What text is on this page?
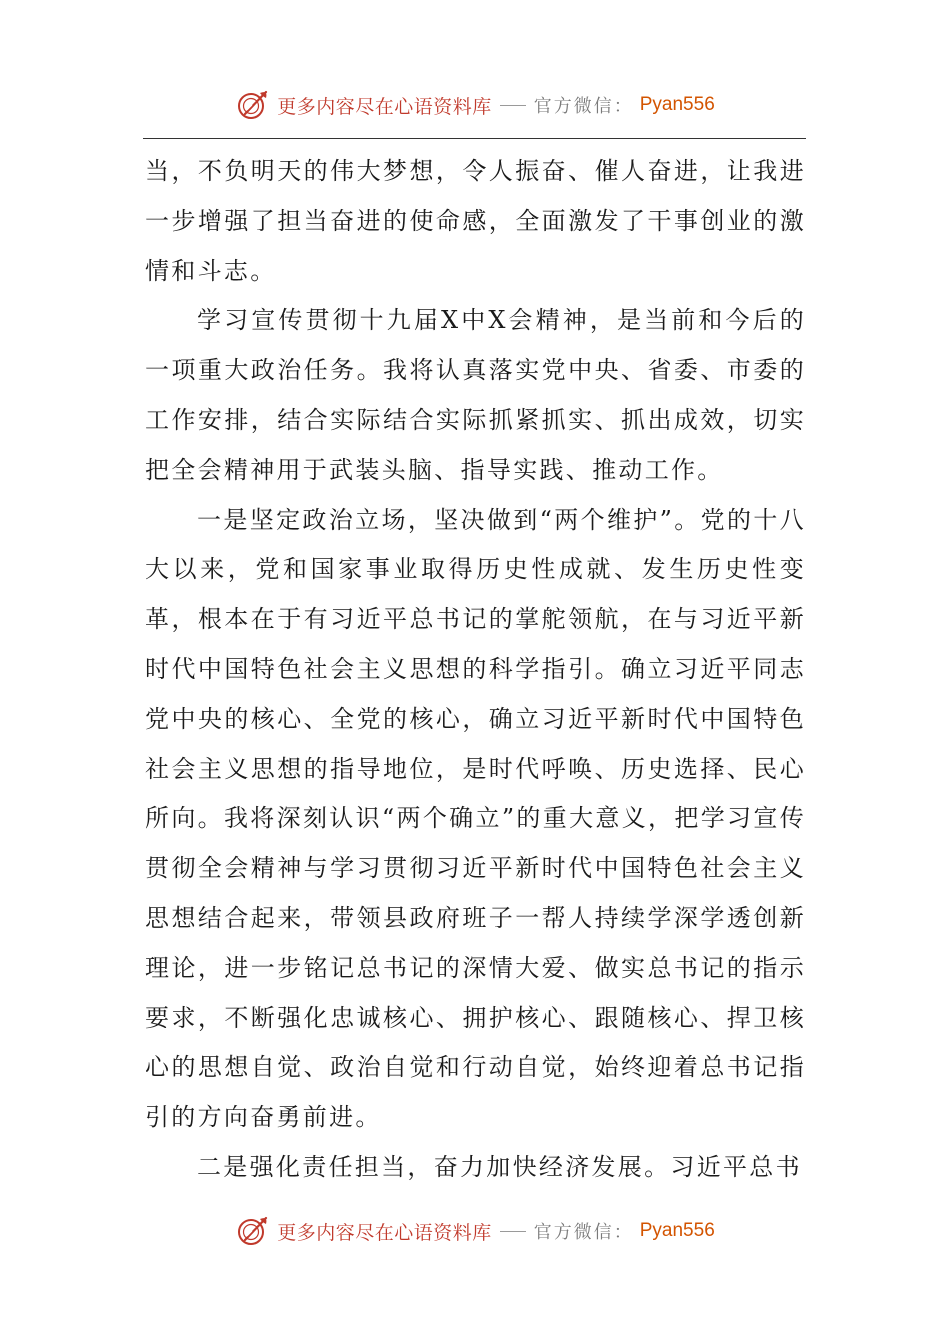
更多内容尽在心语资料库 官方微信： Pyan556

当，不负明天的伟大梦想，令人振奋、催人奋进，让我进一步增强了担当奋进的使命感，全面激发了干事创业的激情和斗志。

学习宣传贯彻十九届X中X会精神，是当前和今后的一项重大政治任务。我将认真落实党中央、省委、市委的工作安排，结合实际结合实际抓紧抓实、抓出成效，切实把全会精神用于武装头脑、指导实践、推动工作。

一是坚定政治立场，坚决做到“两个维护”。党的十八大以来，党和国家事业取得历史性成就、发生历史性变革，根本在于有习近平总书记的掌舵领航，在与习近平新时代中国特色社会主义思想的科学指引。确立习近平同志党中央的核心、全党的核心，确立习近平新时代中国特色社会主义思想的指导地位，是时代呼唤、历史选择、民心所向。我将深刻认识“两个确立”的重大意义，把学习宣传贯彻全会精神与学习贯彻习近平新时代中国特色社会主义思想结合起来，带领县政府班子一帮人持续学深学透创新理论，进一步铭记总书记的深情大爱、做实总书记的指示要求，不断强化忠诚核心、拥护核心、跟随核心、捍卫核心的思想自觉、政治自觉和行动自觉，始终迎着总书记指引的方向奋勇前进。

二是强化责任担当，奋力加快经济发展。习近平总书

更多内容尽在心语资料库 官方微信： Pyan556
